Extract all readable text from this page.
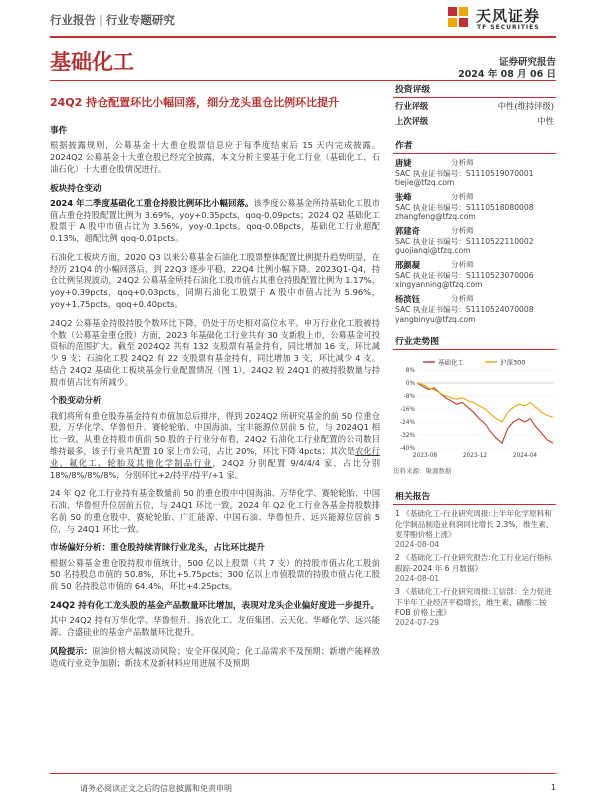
行业报告 | 行业专题研究	天风证券
TF SECURITIES
基础化工	证券研究报告
2024 年 08 月 06 日
24Q2 持仓配置环比小幅回落，细分龙头重仓比例环比提升
事件

根据披露规则，公募基金十大重仓股票信息应于每季度结束后 15 天内完成披露。2024Q2 公募基金十大重仓股已经完全披露，本文分析主要基于化工行业（基础化工、石油石化）十大重仓股情况进行。

板块持仓变动

2024 年二季度基础化工重仓持股比例环比小幅回落。该季度公募基金所持基础化工股市值占重仓持股配置比例为 3.69%，yoy+0.35pcts，qoq-0.09pcts；2024 Q2 基础化工股票于 A 股中市值占比为 3.56%，yoy-0.1pcts，qoq-0.08pcts，基础化工行业超配 0.13%，超配比例 qoq-0.01pcts。

石油化工板块方面，2020 Q3 以来公募基金石油化工股票整体配置比例提升趋势明显，在经历 21Q4 的小幅回落后，到 22Q3 逐步平稳，22Q4 比例小幅下降。2023Q1-Q4，持仓比例呈现波动，24Q2 公募基金所持石油化工股市值占其重仓持股配置比例为 1.17%，yoy+0.39pcts，qoq+0.03pcts，同期石油化工股票于 A 股中市值占比为 5.96%，yoy+1.75pcts，qoq+0.40pcts。

24Q2 公募基金持股持股个数环比下降，仍处于历史相对高位水平。申万行业化工股被持个数（公募基金重仓股）方面，2023 年基础化工行业共有 30 支新股上市，公募基金可投资标的范围扩大。截至 2024Q2 共有 132 支股票有基金持有，同比增加 16 支，环比减少 9 支；石油化工股 24Q2 有 22 支股票有基金持有，同比增加 3 支，环比减少 4 支。结合 24Q2 基础化工板块基金行业配置情况（图 1），24Q2 较 24Q1 的被持股数量与持股市值占比有所减少。

个股变动分析

我们将所有重仓股券基金持有市值加总后排序，得到 2024Q2 所研究基金的前 50 位重仓股，万华化学、华鲁恒升、赛轮轮胎、中国海油、宝丰能源位居前 5 位，与 2024Q1 相比一致。从重仓持股市值前 50 股的子行业分布看，24Q2 石油化工行业配置的公司数目维持最多，该子行业共配置 10 家上市公司，占比 20%，环比下降 4pcts；其次是农化行业、氟化工、轮胎及其他化学制品行业，24Q2 分别配置 9/4/4/4 家，占比分别 18%/8%/8%/8%，分别环比+2/持平/持平/+1 家。

24 年 Q2 化工行业持有基金数量前 50 的重仓股中中国海油、万华化学、赛轮轮胎、中国石油、华鲁恒升位居前五位，与 24Q1 环比一致。2024 年 Q2 化工行业各基金持股数排名前 50 的重仓股中，赛轮轮胎、广汇能源、中国石油、华鲁恒升、远兴能源位居前 5 位，与 24Q1 环比一致。

市场偏好分析：重仓股持续青睐行业龙头，占比环比提升

根据公募基金重仓股持股市值统计，500 亿以上股票（共 7 支）的持股市值占化工股前 50 名持股总市值的 50.8%，环比+5.75pcts；300 亿以上市值股票的持股市值占化工股前 50 名持股总市值的 64.4%，环比+4.25pcts。

24Q2 持有化工龙头股的基金产品数量环比增加，表现对龙头企业偏好度进一步提升。

其中 24Q2 持有万华化学、华鲁恒升、扬农化工、龙佰集团、云天化、华峰化学、远兴能源、合盛硅业的基金产品数量环比提升。

风险提示：原油价格大幅波动风险；安全环保风险；化工品需求不及预期；新增产能释放造成行业竞争加剧；新技术及新材料应用进展不及预期

投资评级
行业评级	中性(维持评级)
上次评级	中性
作者
唐婕	分析师
SAC 执业证书编号：S1110519070001
tiejie@tfzq.com
张峰	分析师
SAC 执业证书编号：S1110518080008
zhangfeng@tfzq.com
郭建奇	分析师
SAC 执业证书编号：S1110522110002
guojianqi@tfzq.com
邢颜凝	分析师
SAC 执业证书编号：S1110523070006
xingyanning@tfzq.com
杨滨钰	分析师
SAC 执业证书编号：S1110524070008
yangbinyu@tfzq.com
行业走势图
基础化工	沪深300
8%
0%
-8%
-16%
-24%
-32%
-40%
2023-08	2023-12	2024-04
资料来源：聚源数据
相关报告
1 《基础化工-行业研究周报:上半年化学原料和化学制品制造业利润同比增长 2.3%，维生素、麦芽酚价格上涨》
2024-08-04
2 《基础化工-行业研究报告:化工行业运行指标跟踪-2024 年 6 月数据》
2024-08-01
3 《基础化工-行业研究周报:工信部：全力促进下半年工业经济平稳增长，维生素、磷酸二铵 FOB 价格上涨》
2024-07-29
请务必阅读正文之后的信息披露和免责申明	1
